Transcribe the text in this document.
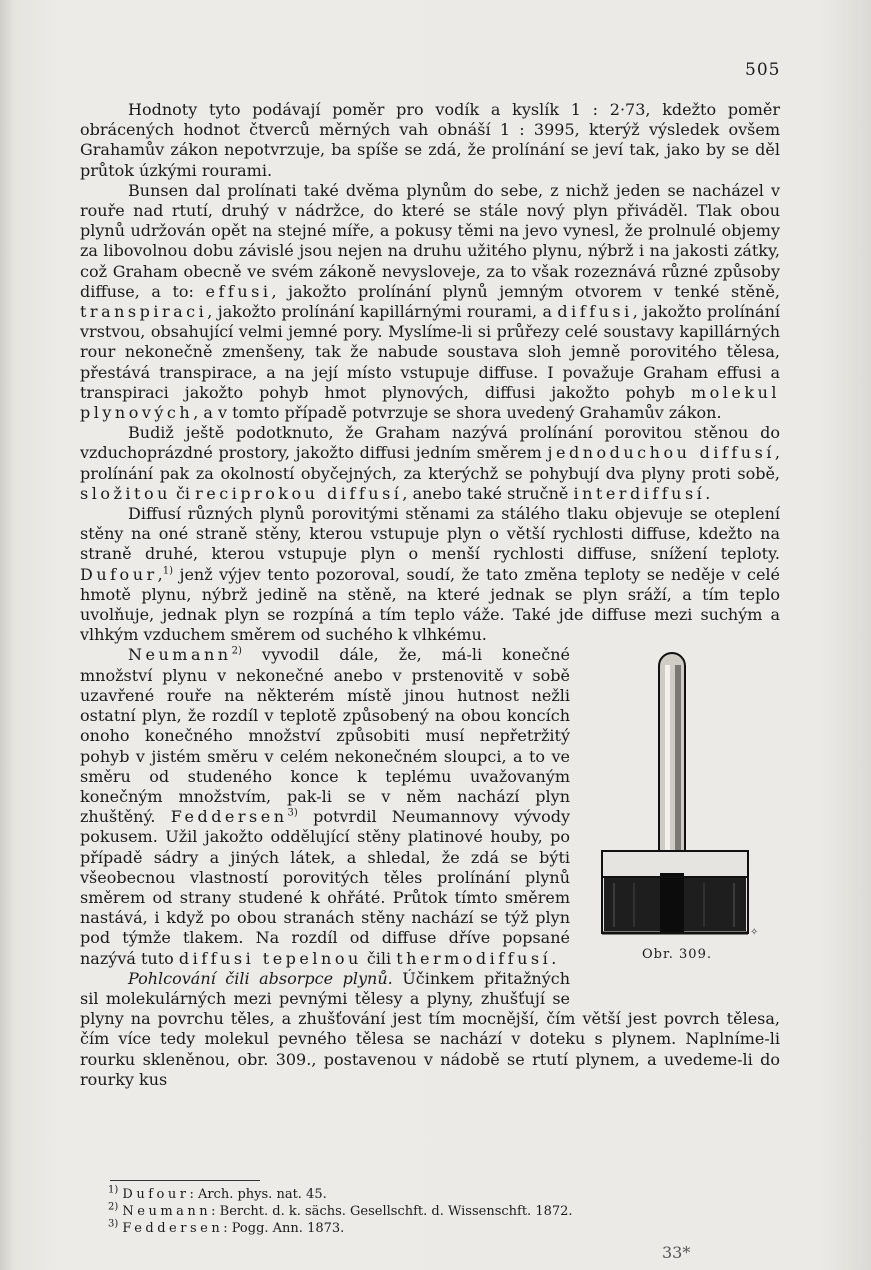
505

Hodnoty tyto podávají poměr pro vodík a kyslík 1 : 2·73, kdežto poměr obrácených hodnot čtverců měrných vah obnáší 1 : 3995, kterýž výsledek ovšem Grahamův zákon nepotvrzuje, ba spíše se zdá, že prolínání se jeví tak, jako by se děl průtok úzkými rourami.

Bunsen dal prolínati také dvěma plynům do sebe, z nichž jeden se nacházel v rouře nad rtutí, druhý v nádržce, do které se stále nový plyn přiváděl. Tlak obou plynů udržován opět na stejné míře, a pokusy těmi na jevo vynesl, že prolnulé objemy za libovolnou dobu závislé jsou nejen na druhu užitého plynu, nýbrž i na jakosti zátky, což Graham obecně ve svém zákoně nevysloveje, za to však rozeznává různé způsoby diffuse, a to: effusi, jakožto prolínání plynů jemným otvorem v tenké stěně, transpiraci, jakožto prolínání kapillárnými rourami, a diffusi, jakožto prolínání vrstvou, obsahující velmi jemné pory. Myslíme-li si průřezy celé soustavy kapillárných rour nekonečně zmenšeny, tak že nabude soustava sloh jemně porovitého tělesa, přestává transpirace, a na její místo vstupuje diffuse. I považuje Graham effusi a transpiraci jakožto pohyb hmot plynových, diffusi jakožto pohyb molekul plynových, a v tomto případě potvrzuje se shora uvedený Grahamův zákon.

Budiž ještě podotknuto, že Graham nazývá prolínání porovitou stěnou do vzduchoprázdné prostory, jakožto diffusi jedním směrem jednoduchou diffusí, prolínání pak za okolností obyčejných, za kterýchž se pohybují dva plyny proti sobě, složitou či reciprokou diffusí, anebo také stručně interdiffusí.

Diffusí různých plynů porovitými stěnami za stálého tlaku objevuje se oteplení stěny na oné straně stěny, kterou vstupuje plyn o větší rychlosti diffuse, kdežto na straně druhé, kterou vstupuje plyn o menší rychlosti diffuse, snížení teploty. Dufour,$^{1)}$ jenž výjev tento pozoroval, soudí, že tato změna teploty se neděje v celé hmotě plynu, nýbrž jedině na stěně, na které jednak se plyn sráží, a tím teplo uvolňuje, jednak plyn se rozpíná a tím teplo váže. Také jde diffuse mezi suchým a vlhkým vzduchem směrem od suchého k vlhkému.

✧
Obr. 309.

Neumann$^{2)}$ vyvodil dále, že, má-li konečné množství plynu v nekonečné anebo v prstenovitě v sobě uzavřené rouře na některém místě jinou hutnost nežli ostatní plyn, že rozdíl v teplotě způsobený na obou koncích onoho konečného množství způsobiti musí nepřetržitý pohyb v jistém směru v celém nekonečném sloupci, a to ve směru od studeného konce k teplému uvažovaným konečným množstvím, pak-li se v něm nachází plyn zhuštěný. Feddersen$^{3)}$ potvrdil Neumannovy vývody pokusem. Užil jakožto oddělující stěny platinové houby, po případě sádry a jiných látek, a shledal, že zdá se býti všeobecnou vlastností porovitých těles prolínání plynů směrem od strany studené k ohřáté. Průtok tímto směrem nastává, i když po obou stranách stěny nachází se týž plyn pod týmže tlakem. Na rozdíl od diffuse dříve popsané nazývá tuto diffusi tepelnou čili thermodiffusí.

Pohlcování čili absorpce plynů. Účinkem přitažných sil molekulárných mezi pevnými tělesy a plyny, zhušťují se plyny na povrchu těles, a zhušťování jest tím mocnější, čím větší jest povrch tělesa, čím více tedy molekul pevného tělesa se nachází v doteku s plynem. Naplníme-li rourku skleněnou, obr. 309., postavenou v nádobě se rtutí plynem, a uvedeme-li do rourky kus

$^{1)}$ Dufour: Arch. phys. nat. 45.
$^{2)}$ Neumann: Bercht. d. k. sächs. Gesellschft. d. Wissenschft. 1872.
$^{3)}$ Feddersen: Pogg. Ann. 1873.
33*
